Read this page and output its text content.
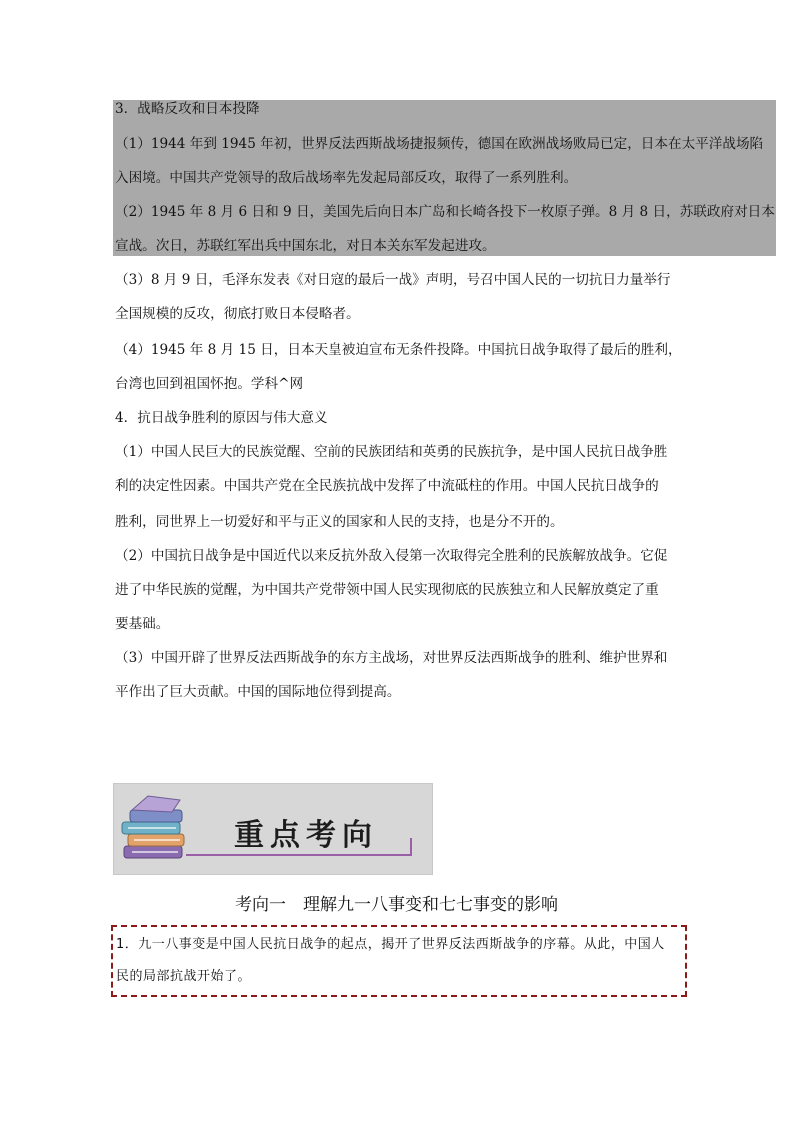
3．战略反攻和日本投降
（1）1944 年到 1945 年初，世界反法西斯战场捷报频传，德国在欧洲战场败局已定，日本在太平洋战场陷
入困境。中国共产党领导的敌后战场率先发起局部反攻，取得了一系列胜利。
（2）1945 年 8 月 6 日和 9 日，美国先后向日本广岛和长崎各投下一枚原子弹。8 月 8 日，苏联政府对日本
宣战。次日，苏联红军出兵中国东北，对日本关东军发起进攻。
（3）8 月 9 日，毛泽东发表《对日寇的最后一战》声明，号召中国人民的一切抗日力量举行
全国规模的反攻，彻底打败日本侵略者。
（4）1945 年 8 月 15 日，日本天皇被迫宣布无条件投降。中国抗日战争取得了最后的胜利，
台湾也回到祖国怀抱。学科^网
4．抗日战争胜利的原因与伟大意义
（1）中国人民巨大的民族觉醒、空前的民族团结和英勇的民族抗争，是中国人民抗日战争胜
利的决定性因素。中国共产党在全民族抗战中发挥了中流砥柱的作用。中国人民抗日战争的
胜利，同世界上一切爱好和平与正义的国家和人民的支持，也是分不开的。
（2）中国抗日战争是中国近代以来反抗外敌入侵第一次取得完全胜利的民族解放战争。它促
进了中华民族的觉醒，为中国共产党带领中国人民实现彻底的民族独立和人民解放奠定了重
要基础。
（3）中国开辟了世界反法西斯战争的东方主战场，对世界反法西斯战争的胜利、维护世界和
平作出了巨大贡献。中国的国际地位得到提高。
重点考向
考向一　理解九一八事变和七七事变的影响
1．九一八事变是中国人民抗日战争的起点，揭开了世界反法西斯战争的序幕。从此，中国人
民的局部抗战开始了。
